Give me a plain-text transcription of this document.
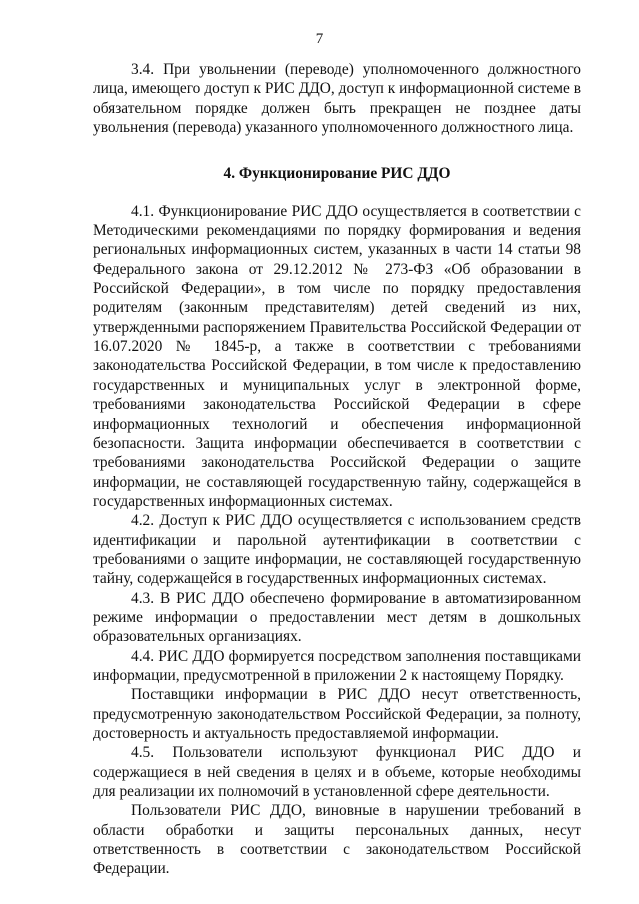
7

3.4. При увольнении (переводе) уполномоченного должностного лица, имеющего доступ к РИС ДДО, доступ к информационной системе в обязательном порядке должен быть прекращен не позднее даты увольнения (перевода) указанного уполномоченного должностного лица.

4. Функционирование РИС ДДО

4.1. Функционирование РИС ДДО осуществляется в соответствии с Методическими рекомендациями по порядку формирования и ведения региональных информационных систем, указанных в части 14 статьи 98 Федерального закона от 29.12.2012 № 273-ФЗ «Об образовании в Российской Федерации», в том числе по порядку предоставления родителям (законным представителям) детей сведений из них, утвержденными распоряжением Правительства Российской Федерации от 16.07.2020 № 1845-р, а также в соответствии с требованиями законодательства Российской Федерации, в том числе к предоставлению государственных и муниципальных услуг в электронной форме, требованиями законодательства Российской Федерации в сфере информационных технологий и обеспечения информационной безопасности. Защита информации обеспечивается в соответствии с требованиями законодательства Российской Федерации о защите информации, не составляющей государственную тайну, содержащейся в государственных информационных системах.

4.2. Доступ к РИС ДДО осуществляется с использованием средств идентификации и парольной аутентификации в соответствии с требованиями о защите информации, не составляющей государственную тайну, содержащейся в государственных информационных системах.

4.3. В РИС ДДО обеспечено формирование в автоматизированном режиме информации о предоставлении мест детям в дошкольных образовательных организациях.

4.4. РИС ДДО формируется посредством заполнения поставщиками информации, предусмотренной в приложении 2 к настоящему Порядку.

Поставщики информации в РИС ДДО несут ответственность, предусмотренную законодательством Российской Федерации, за полноту, достоверность и актуальность предоставляемой информации.

4.5. Пользователи используют функционал РИС ДДО и содержащиеся в ней сведения в целях и в объеме, которые необходимы для реализации их полномочий в установленной сфере деятельности.

Пользователи РИС ДДО, виновные в нарушении требований в области обработки и защиты персональных данных, несут ответственность в соответствии с законодательством Российской Федерации.
